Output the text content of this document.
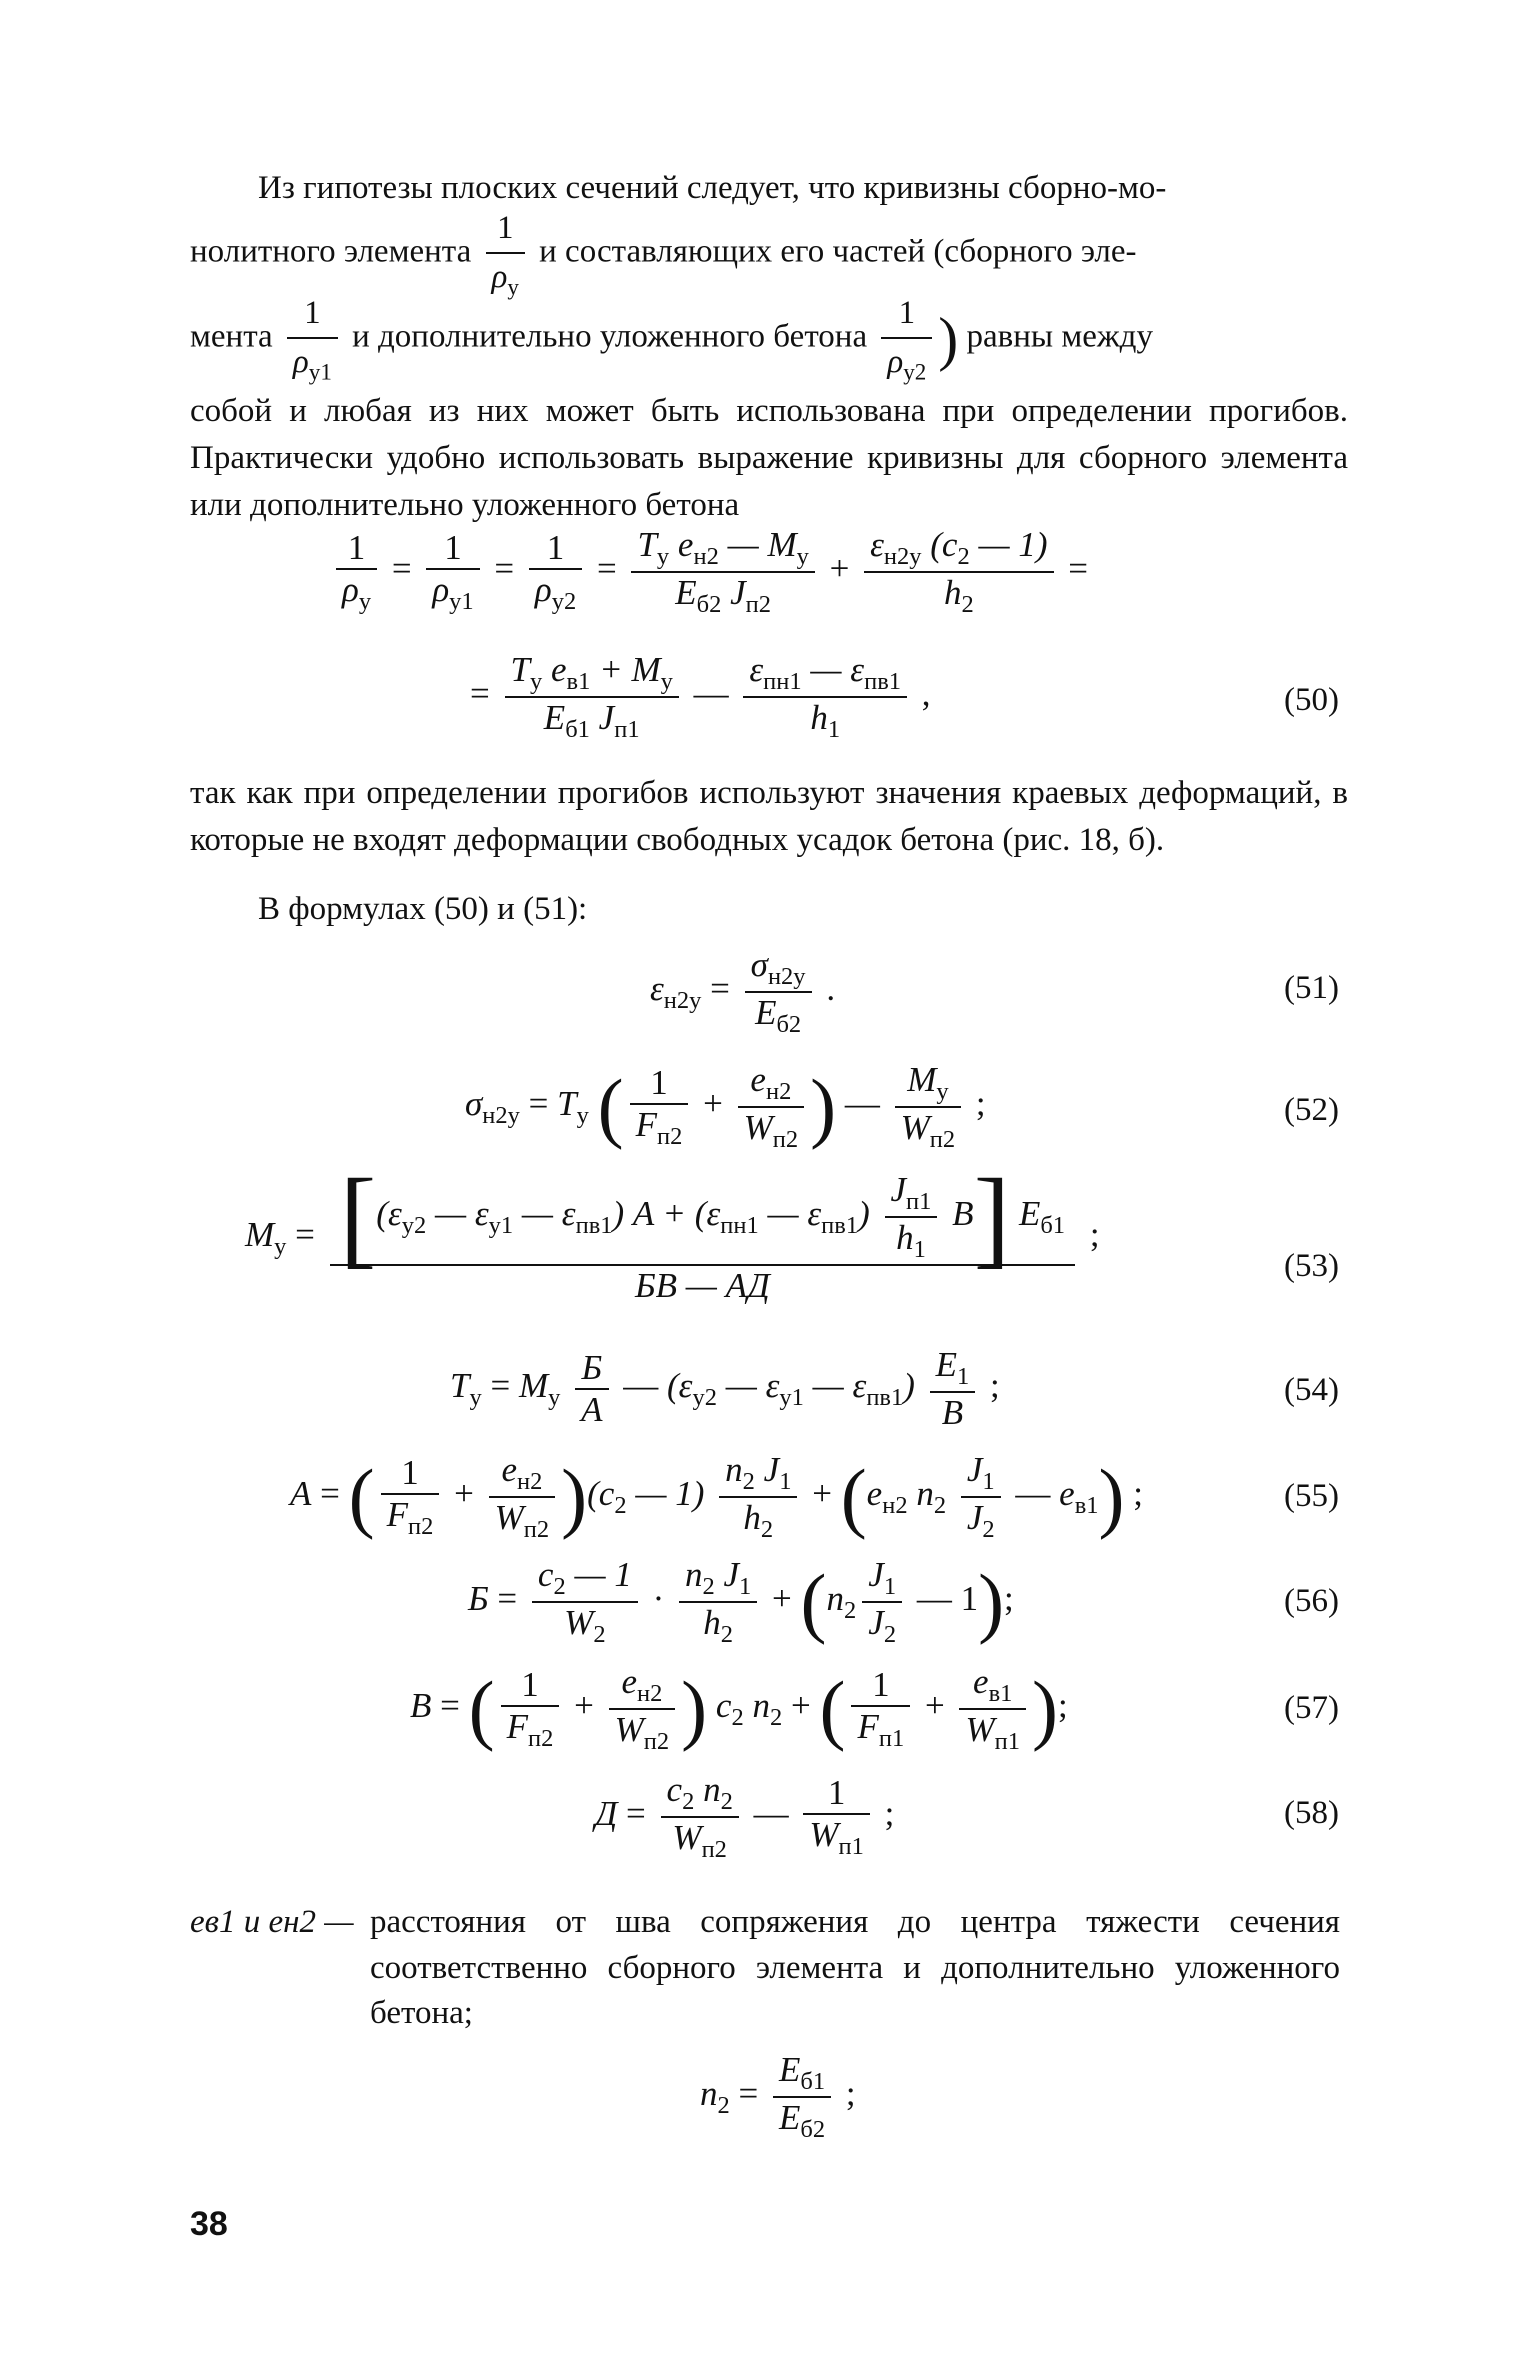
Из гипотезы плоских сечений следует, что кривизны сборно-мо-
нолитного элемента $\frac{1}{\rho_у}$ и составляющих его частей (сборного эле-
мента $\frac{1}{\rho_{у1}}$ и дополнительно уложенного бетона $\frac{1}{\rho_{у2}}$ ) равны между
собой и любая из них может быть использована при определении прогибов. Практически удобно использовать выражение кривизны для сборного элемента или дополнительно уложенного бетона
$\frac{1}{\rho_у} = \frac{1}{\rho_{у1}} = \frac{1}{\rho_{у2}} = \frac{T_у e_{н2} — M_у}{E_{б2} J_{п2}} + \frac{\varepsilon_{н2у} (c_2 — 1)}{h_2}$ =
= $\frac{T_у e_{в1} + M_у}{E_{б1} J_{п1}}$ — $\frac{\varepsilon_{пн1} — \varepsilon_{пв1}}{h_1}$ ,	(50)
так как при определении прогибов используют значения краевых деформаций, в которые не входят деформации свободных усадок бетона (рис. 18, б).
В формулах (50) и (51):
$\varepsilon_{н2у} = \frac{\sigma_{н2у}}{E_{б2}}$ .	(51)
$\sigma_{н2у} = T_у$ ( $\frac{1}{F_{п2}} + \frac{e_{н2}}{W_{п2}}$ ) — $\frac{M_у}{W_{п2}}$ ;	(52)
$M_у = \frac{[(\varepsilon_{у2} — \varepsilon_{у1} — \varepsilon_{пв1}) A + (\varepsilon_{пн1} — \varepsilon_{пв1}) \frac{J_{п1}}{h_1} B] E_{б1}}{БВ — АД}$ ;
(53)
$T_у = M_у \frac{Б}{А}$ — ($\varepsilon_{у2}$ — $\varepsilon_{у1}$ — $\varepsilon_{пв1}) \frac{E_1}{B}$ ;	(54)
A = ( $\frac{1}{F_{п2}} + \frac{e_{н2}}{W_{п2}} )(c_2$ — $1) \frac{n_2 J_1}{h_2} + (e_{н2}$ $n_2 \frac{J_1}{J_2}$ — $e_{в1}$) ;	(55)
$Б = \frac{c_2 — 1}{W_2} \cdot \frac{n_2 J_1}{h_2} + (n_2 \frac{J_1}{J_2}$ — 1);	(56)
B = ( $\frac{1}{F_{п2}} + \frac{e_{н2}}{W_{п2}}$ ) $c_2$ $n_2$ + ( $\frac{1}{F_{п1}} + \frac{e_{в1}}{W_{п1}}$ );	(57)
$Д = \frac{c_2 n_2}{W_{п2}}$ — $\frac{1}{W_{п1}}$ ;	(58)
eв1 и eн2 — расстояния от шва сопряжения до центра тяжести сечения соответственно сборного элемента и дополнительно уложенного бетона;
$n_2 = \frac{E_{б1}}{E_{б2}}$ ;
38
